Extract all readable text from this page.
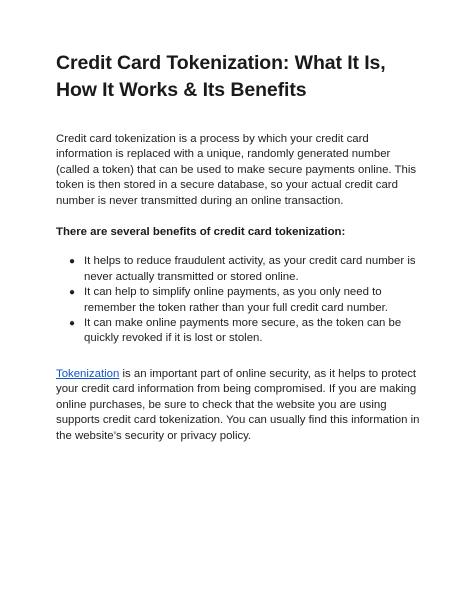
Credit Card Tokenization: What It Is, How It Works & Its Benefits

Credit card tokenization is a process by which your credit card information is replaced with a unique, randomly generated number (called a token) that can be used to make secure payments online. This token is then stored in a secure database, so your actual credit card number is never transmitted during an online transaction.

There are several benefits of credit card tokenization:

● It helps to reduce fraudulent activity, as your credit card number is never actually transmitted or stored online.
● It can help to simplify online payments, as you only need to remember the token rather than your full credit card number.
● It can make online payments more secure, as the token can be quickly revoked if it is lost or stolen.

Tokenization is an important part of online security, as it helps to protect your credit card information from being compromised. If you are making online purchases, be sure to check that the website you are using supports credit card tokenization. You can usually find this information in the website’s security or privacy policy.
